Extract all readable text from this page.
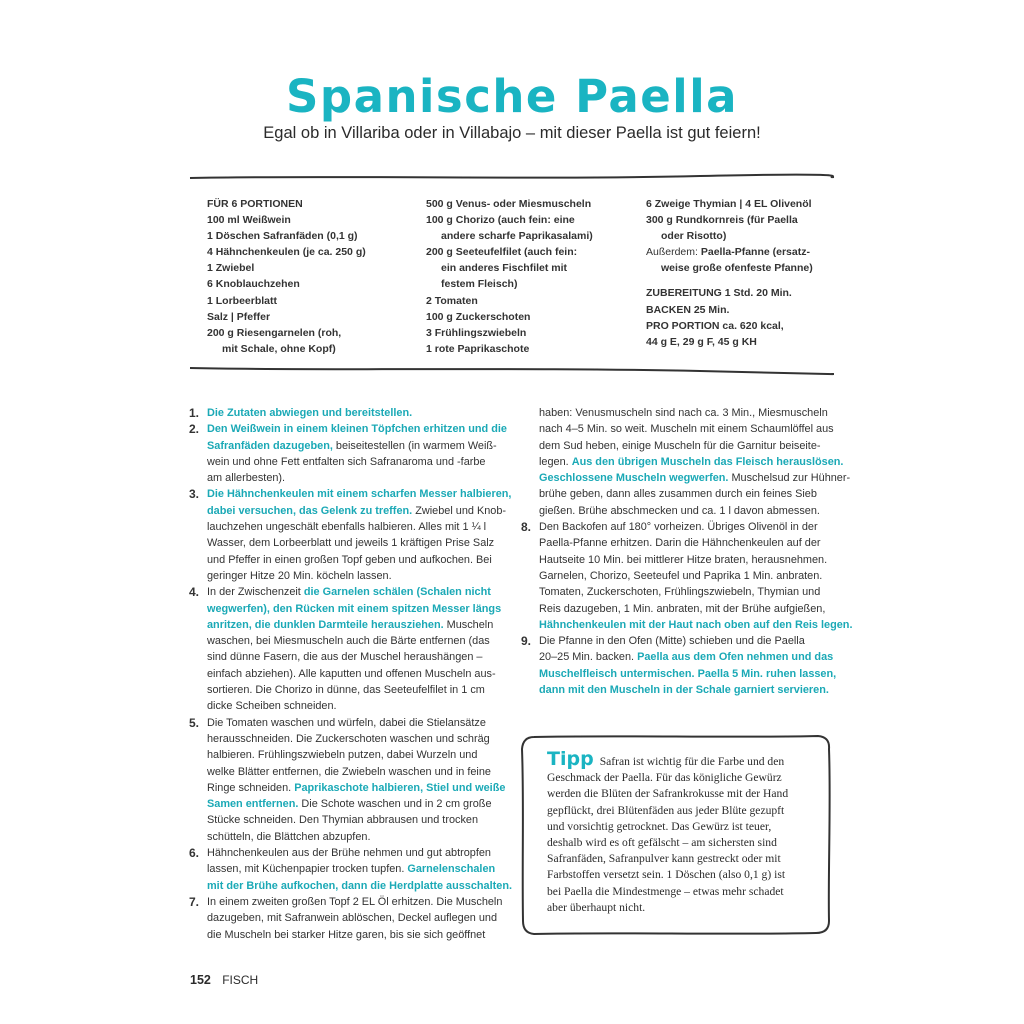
Spanische Paella
Egal ob in Villariba oder in Villabajo – mit dieser Paella ist gut feiern!
FÜR 6 PORTIONEN
100 ml Weißwein
1 Döschen Safranfäden (0,1 g)
4 Hähnchenkeulen (je ca. 250 g)
1 Zwiebel
6 Knoblauchzehen
1 Lorbeerblatt
Salz | Pfeffer
200 g Riesengarnelen (roh,
mit Schale, ohne Kopf)
500 g Venus- oder Miesmuscheln
100 g Chorizo (auch fein: eine
andere scharfe Paprikasalami)
200 g Seeteufelfilet (auch fein:
ein anderes Fischfilet mit
festem Fleisch)
2 Tomaten
100 g Zuckerschoten
3 Frühlingszwiebeln
1 rote Paprikaschote
6 Zweige Thymian | 4 EL Olivenöl
300 g Rundkornreis (für Paella
oder Risotto)
Außerdem: Paella-Pfanne (ersatz-
weise große ofenfeste Pfanne)
ZUBEREITUNG 1 Std. 20 Min.
BACKEN 25 Min.
PRO PORTION ca. 620 kcal,
44 g E, 29 g F, 45 g KH
1. Die Zutaten abwiegen und bereitstellen.
2. Den Weißwein in einem kleinen Töpfchen erhitzen und die
Safranfäden dazugeben, beiseitestellen (in warmem Weiß-
wein und ohne Fett entfalten sich Safranaroma und -farbe
am allerbesten).
3. Die Hähnchenkeulen mit einem scharfen Messer halbieren,
dabei versuchen, das Gelenk zu treffen. Zwiebel und Knob-
lauchzehen ungeschält ebenfalls halbieren. Alles mit 1 ¼ l
Wasser, dem Lorbeerblatt und jeweils 1 kräftigen Prise Salz
und Pfeffer in einen großen Topf geben und aufkochen. Bei
geringer Hitze 20 Min. köcheln lassen.
4. In der Zwischenzeit die Garnelen schälen (Schalen nicht
wegwerfen), den Rücken mit einem spitzen Messer längs
anritzen, die dunklen Darmteile herausziehen. Muscheln
waschen, bei Miesmuscheln auch die Bärte entfernen (das
sind dünne Fasern, die aus der Muschel heraushängen –
einfach abziehen). Alle kaputten und offenen Muscheln aus-
sortieren. Die Chorizo in dünne, das Seeteufelfilet in 1 cm
dicke Scheiben schneiden.
5. Die Tomaten waschen und würfeln, dabei die Stielansätze
herausschneiden. Die Zuckerschoten waschen und schräg
halbieren. Frühlingszwiebeln putzen, dabei Wurzeln und
welke Blätter entfernen, die Zwiebeln waschen und in feine
Ringe schneiden. Paprikaschote halbieren, Stiel und weiße
Samen entfernen. Die Schote waschen und in 2 cm große
Stücke schneiden. Den Thymian abbrausen und trocken
schütteln, die Blättchen abzupfen.
6. Hähnchenkeulen aus der Brühe nehmen und gut abtropfen
lassen, mit Küchenpapier trocken tupfen. Garnelenschalen
mit der Brühe aufkochen, dann die Herdplatte ausschalten.
7. In einem zweiten großen Topf 2 EL Öl erhitzen. Die Muscheln
dazugeben, mit Safranwein ablöschen, Deckel auflegen und
die Muscheln bei starker Hitze garen, bis sie sich geöffnet
haben: Venusmuscheln sind nach ca. 3 Min., Miesmuscheln
nach 4–5 Min. so weit. Muscheln mit einem Schaumlöffel aus
dem Sud heben, einige Muscheln für die Garnitur beiseite-
legen. Aus den übrigen Muscheln das Fleisch herauslösen.
Geschlossene Muscheln wegwerfen. Muschelsud zur Hühner-
brühe geben, dann alles zusammen durch ein feines Sieb
gießen. Brühe abschmecken und ca. 1 l davon abmessen.
8. Den Backofen auf 180° vorheizen. Übriges Olivenöl in der
Paella-Pfanne erhitzen. Darin die Hähnchenkeulen auf der
Hautseite 10 Min. bei mittlerer Hitze braten, herausnehmen.
Garnelen, Chorizo, Seeteufel und Paprika 1 Min. anbraten.
Tomaten, Zuckerschoten, Frühlingszwiebeln, Thymian und
Reis dazugeben, 1 Min. anbraten, mit der Brühe aufgießen,
Hähnchenkeulen mit der Haut nach oben auf den Reis legen.
9. Die Pfanne in den Ofen (Mitte) schieben und die Paella
20–25 Min. backen. Paella aus dem Ofen nehmen und das
Muschelfleisch untermischen. Paella 5 Min. ruhen lassen,
dann mit den Muscheln in der Schale garniert servieren.
Tipp Safran ist wichtig für die Farbe und den
Geschmack der Paella. Für das königliche Gewürz
werden die Blüten der Safrankrokusse mit der Hand
gepflückt, drei Blütenfäden aus jeder Blüte gezupft
und vorsichtig getrocknet. Das Gewürz ist teuer,
deshalb wird es oft gefälscht – am sichersten sind
Safranfäden, Safranpulver kann gestreckt oder mit
Farbstoffen versetzt sein. 1 Döschen (also 0,1 g) ist
bei Paella die Mindestmenge – etwas mehr schadet
aber überhaupt nicht.
152 FISCH
